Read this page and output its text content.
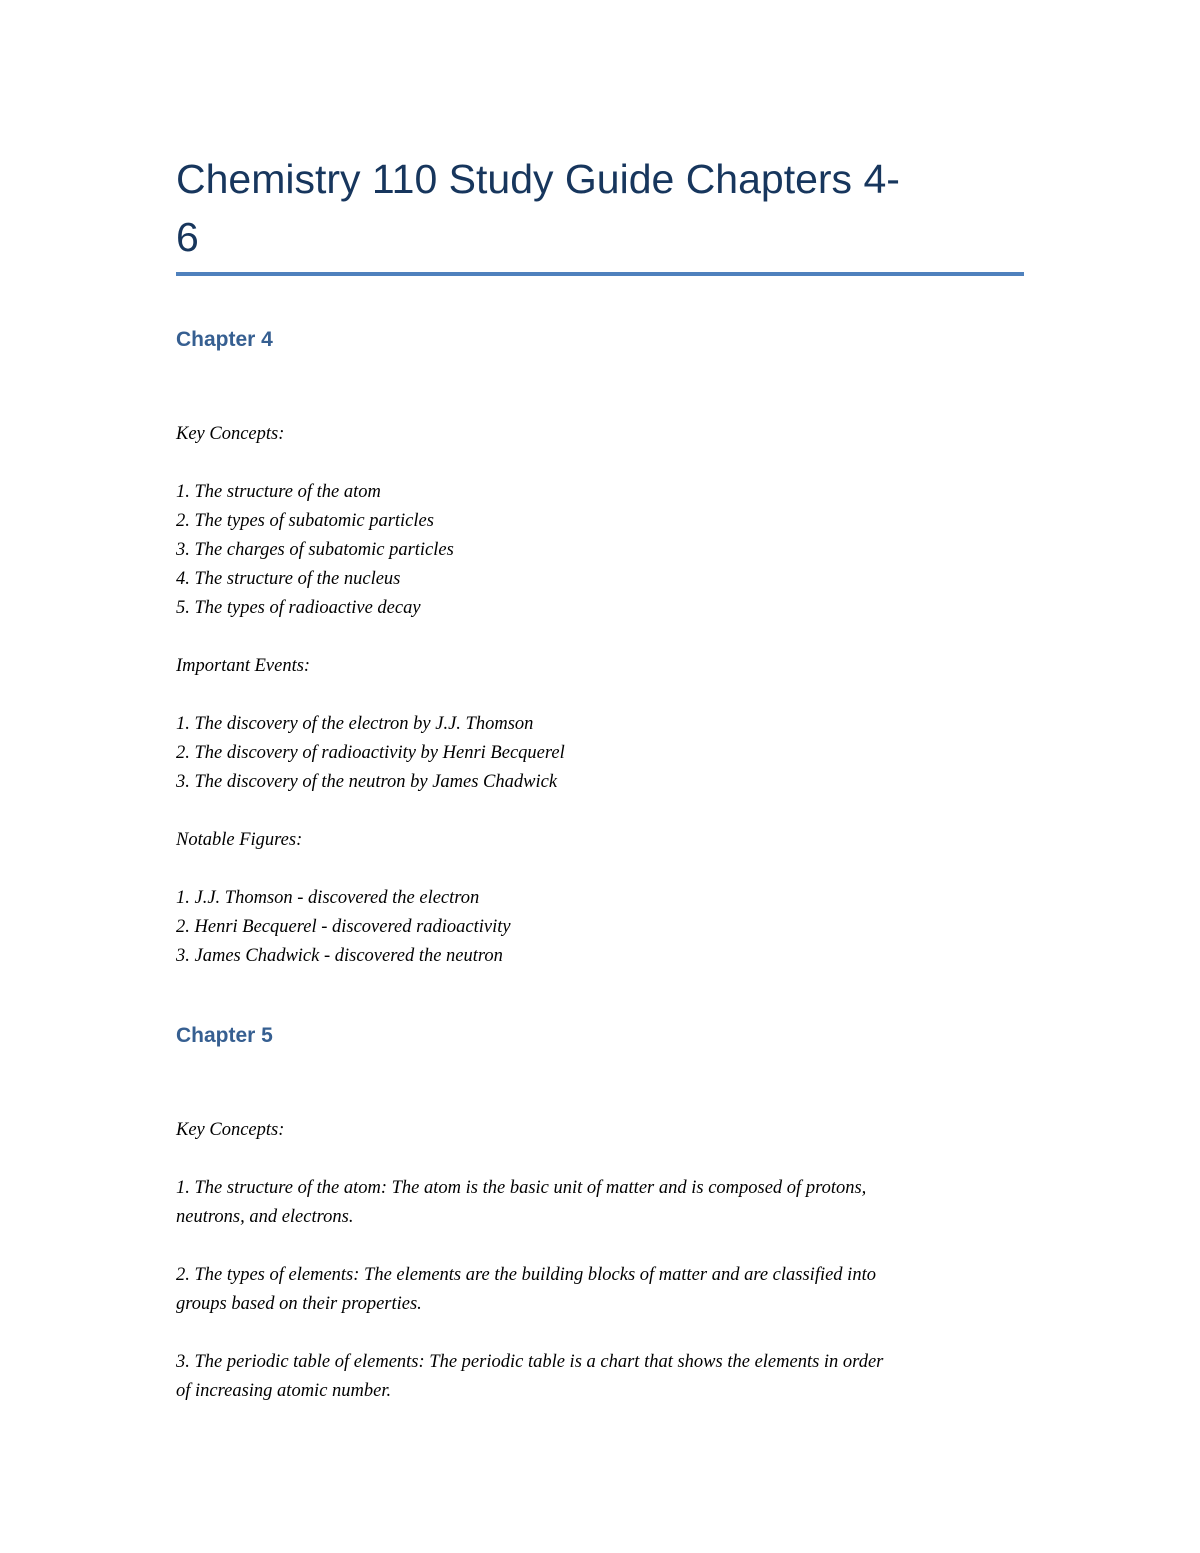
Chemistry 110 Study Guide Chapters 4-
6
Chapter 4

Key Concepts:

1. The structure of the atom

2. The types of subatomic particles

3. The charges of subatomic particles

4. The structure of the nucleus

5. The types of radioactive decay

Important Events:

1. The discovery of the electron by J.J. Thomson

2. The discovery of radioactivity by Henri Becquerel

3. The discovery of the neutron by James Chadwick

Notable Figures:

1. J.J. Thomson - discovered the electron

2. Henri Becquerel - discovered radioactivity

3. James Chadwick - discovered the neutron

Chapter 5

Key Concepts:

1. The structure of the atom: The atom is the basic unit of matter and is composed of protons,

neutrons, and electrons.

2. The types of elements: The elements are the building blocks of matter and are classified into

groups based on their properties.

3. The periodic table of elements: The periodic table is a chart that shows the elements in order

of increasing atomic number.
